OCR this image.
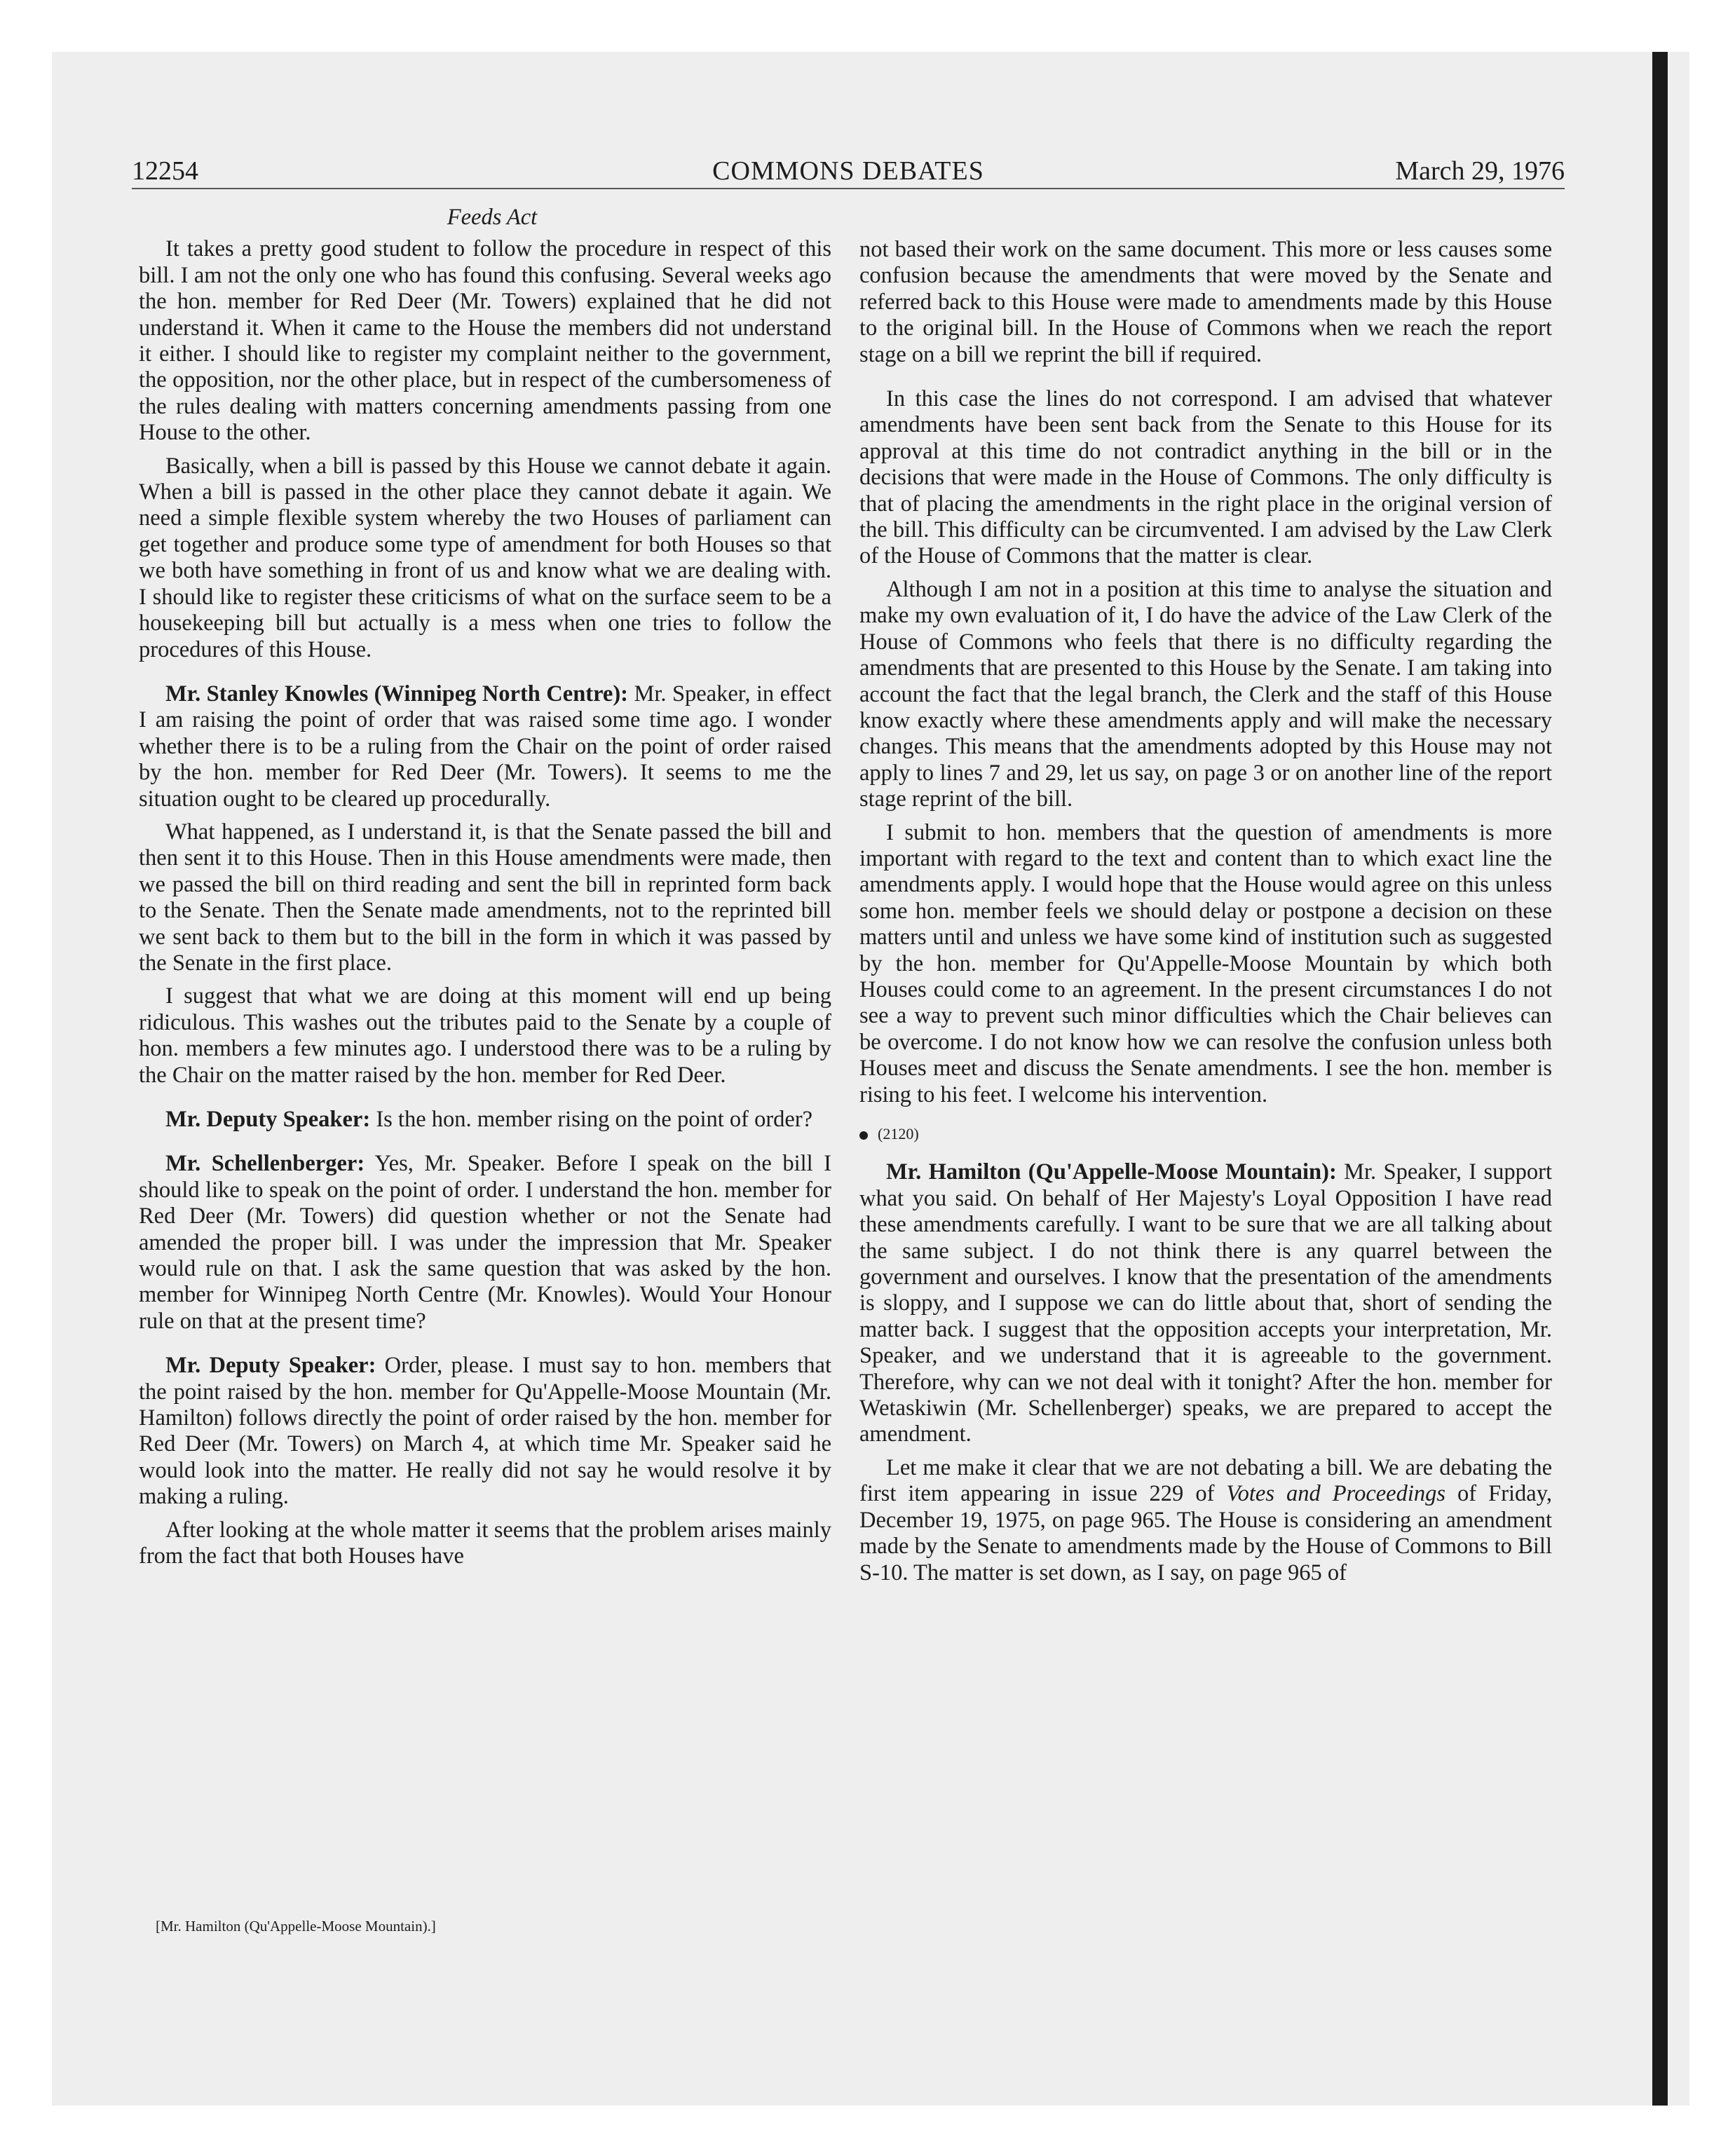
12254	COMMONS DEBATES	March 29, 1976
Feeds Act

It takes a pretty good student to follow the procedure in respect of this bill. I am not the only one who has found this confusing. Several weeks ago the hon. member for Red Deer (Mr. Towers) explained that he did not understand it. When it came to the House the members did not understand it either. I should like to register my complaint neither to the government, the opposition, nor the other place, but in respect of the cumbersomeness of the rules dealing with matters concerning amendments passing from one House to the other.

Basically, when a bill is passed by this House we cannot debate it again. When a bill is passed in the other place they cannot debate it again. We need a simple flexible system whereby the two Houses of parliament can get together and produce some type of amendment for both Houses so that we both have something in front of us and know what we are dealing with. I should like to register these criticisms of what on the surface seem to be a housekeeping bill but actually is a mess when one tries to follow the procedures of this House.

Mr. Stanley Knowles (Winnipeg North Centre): Mr. Speaker, in effect I am raising the point of order that was raised some time ago. I wonder whether there is to be a ruling from the Chair on the point of order raised by the hon. member for Red Deer (Mr. Towers). It seems to me the situation ought to be cleared up procedurally.

What happened, as I understand it, is that the Senate passed the bill and then sent it to this House. Then in this House amendments were made, then we passed the bill on third reading and sent the bill in reprinted form back to the Senate. Then the Senate made amendments, not to the reprinted bill we sent back to them but to the bill in the form in which it was passed by the Senate in the first place.

I suggest that what we are doing at this moment will end up being ridiculous. This washes out the tributes paid to the Senate by a couple of hon. members a few minutes ago. I understood there was to be a ruling by the Chair on the matter raised by the hon. member for Red Deer.

Mr. Deputy Speaker: Is the hon. member rising on the point of order?

Mr. Schellenberger: Yes, Mr. Speaker. Before I speak on the bill I should like to speak on the point of order. I understand the hon. member for Red Deer (Mr. Towers) did question whether or not the Senate had amended the proper bill. I was under the impression that Mr. Speaker would rule on that. I ask the same question that was asked by the hon. member for Winnipeg North Centre (Mr. Knowles). Would Your Honour rule on that at the present time?

Mr. Deputy Speaker: Order, please. I must say to hon. members that the point raised by the hon. member for Qu'Appelle-Moose Mountain (Mr. Hamilton) follows directly the point of order raised by the hon. member for Red Deer (Mr. Towers) on March 4, at which time Mr. Speaker said he would look into the matter. He really did not say he would resolve it by making a ruling.

After looking at the whole matter it seems that the problem arises mainly from the fact that both Houses have

not based their work on the same document. This more or less causes some confusion because the amendments that were moved by the Senate and referred back to this House were made to amendments made by this House to the original bill. In the House of Commons when we reach the report stage on a bill we reprint the bill if required.

In this case the lines do not correspond. I am advised that whatever amendments have been sent back from the Senate to this House for its approval at this time do not contradict anything in the bill or in the decisions that were made in the House of Commons. The only difficulty is that of placing the amendments in the right place in the original version of the bill. This difficulty can be circumvented. I am advised by the Law Clerk of the House of Commons that the matter is clear.

Although I am not in a position at this time to analyse the situation and make my own evaluation of it, I do have the advice of the Law Clerk of the House of Commons who feels that there is no difficulty regarding the amendments that are presented to this House by the Senate. I am taking into account the fact that the legal branch, the Clerk and the staff of this House know exactly where these amendments apply and will make the necessary changes. This means that the amendments adopted by this House may not apply to lines 7 and 29, let us say, on page 3 or on another line of the report stage reprint of the bill.

I submit to hon. members that the question of amendments is more important with regard to the text and content than to which exact line the amendments apply. I would hope that the House would agree on this unless some hon. member feels we should delay or postpone a decision on these matters until and unless we have some kind of institution such as suggested by the hon. member for Qu'Appelle-Moose Mountain by which both Houses could come to an agreement. In the present circumstances I do not see a way to prevent such minor difficulties which the Chair believes can be overcome. I do not know how we can resolve the confusion unless both Houses meet and discuss the Senate amendments. I see the hon. member is rising to his feet. I welcome his intervention.

(2120)

Mr. Hamilton (Qu'Appelle-Moose Mountain): Mr. Speaker, I support what you said. On behalf of Her Majesty's Loyal Opposition I have read these amendments carefully. I want to be sure that we are all talking about the same subject. I do not think there is any quarrel between the government and ourselves. I know that the presentation of the amendments is sloppy, and I suppose we can do little about that, short of sending the matter back. I suggest that the opposition accepts your interpretation, Mr. Speaker, and we understand that it is agreeable to the government. Therefore, why can we not deal with it tonight? After the hon. member for Wetaskiwin (Mr. Schellenberger) speaks, we are prepared to accept the amendment.

Let me make it clear that we are not debating a bill. We are debating the first item appearing in issue 229 of Votes and Proceedings of Friday, December 19, 1975, on page 965. The House is considering an amendment made by the Senate to amendments made by the House of Commons to Bill S-10. The matter is set down, as I say, on page 965 of

[Mr. Hamilton (Qu'Appelle-Moose Mountain).]
